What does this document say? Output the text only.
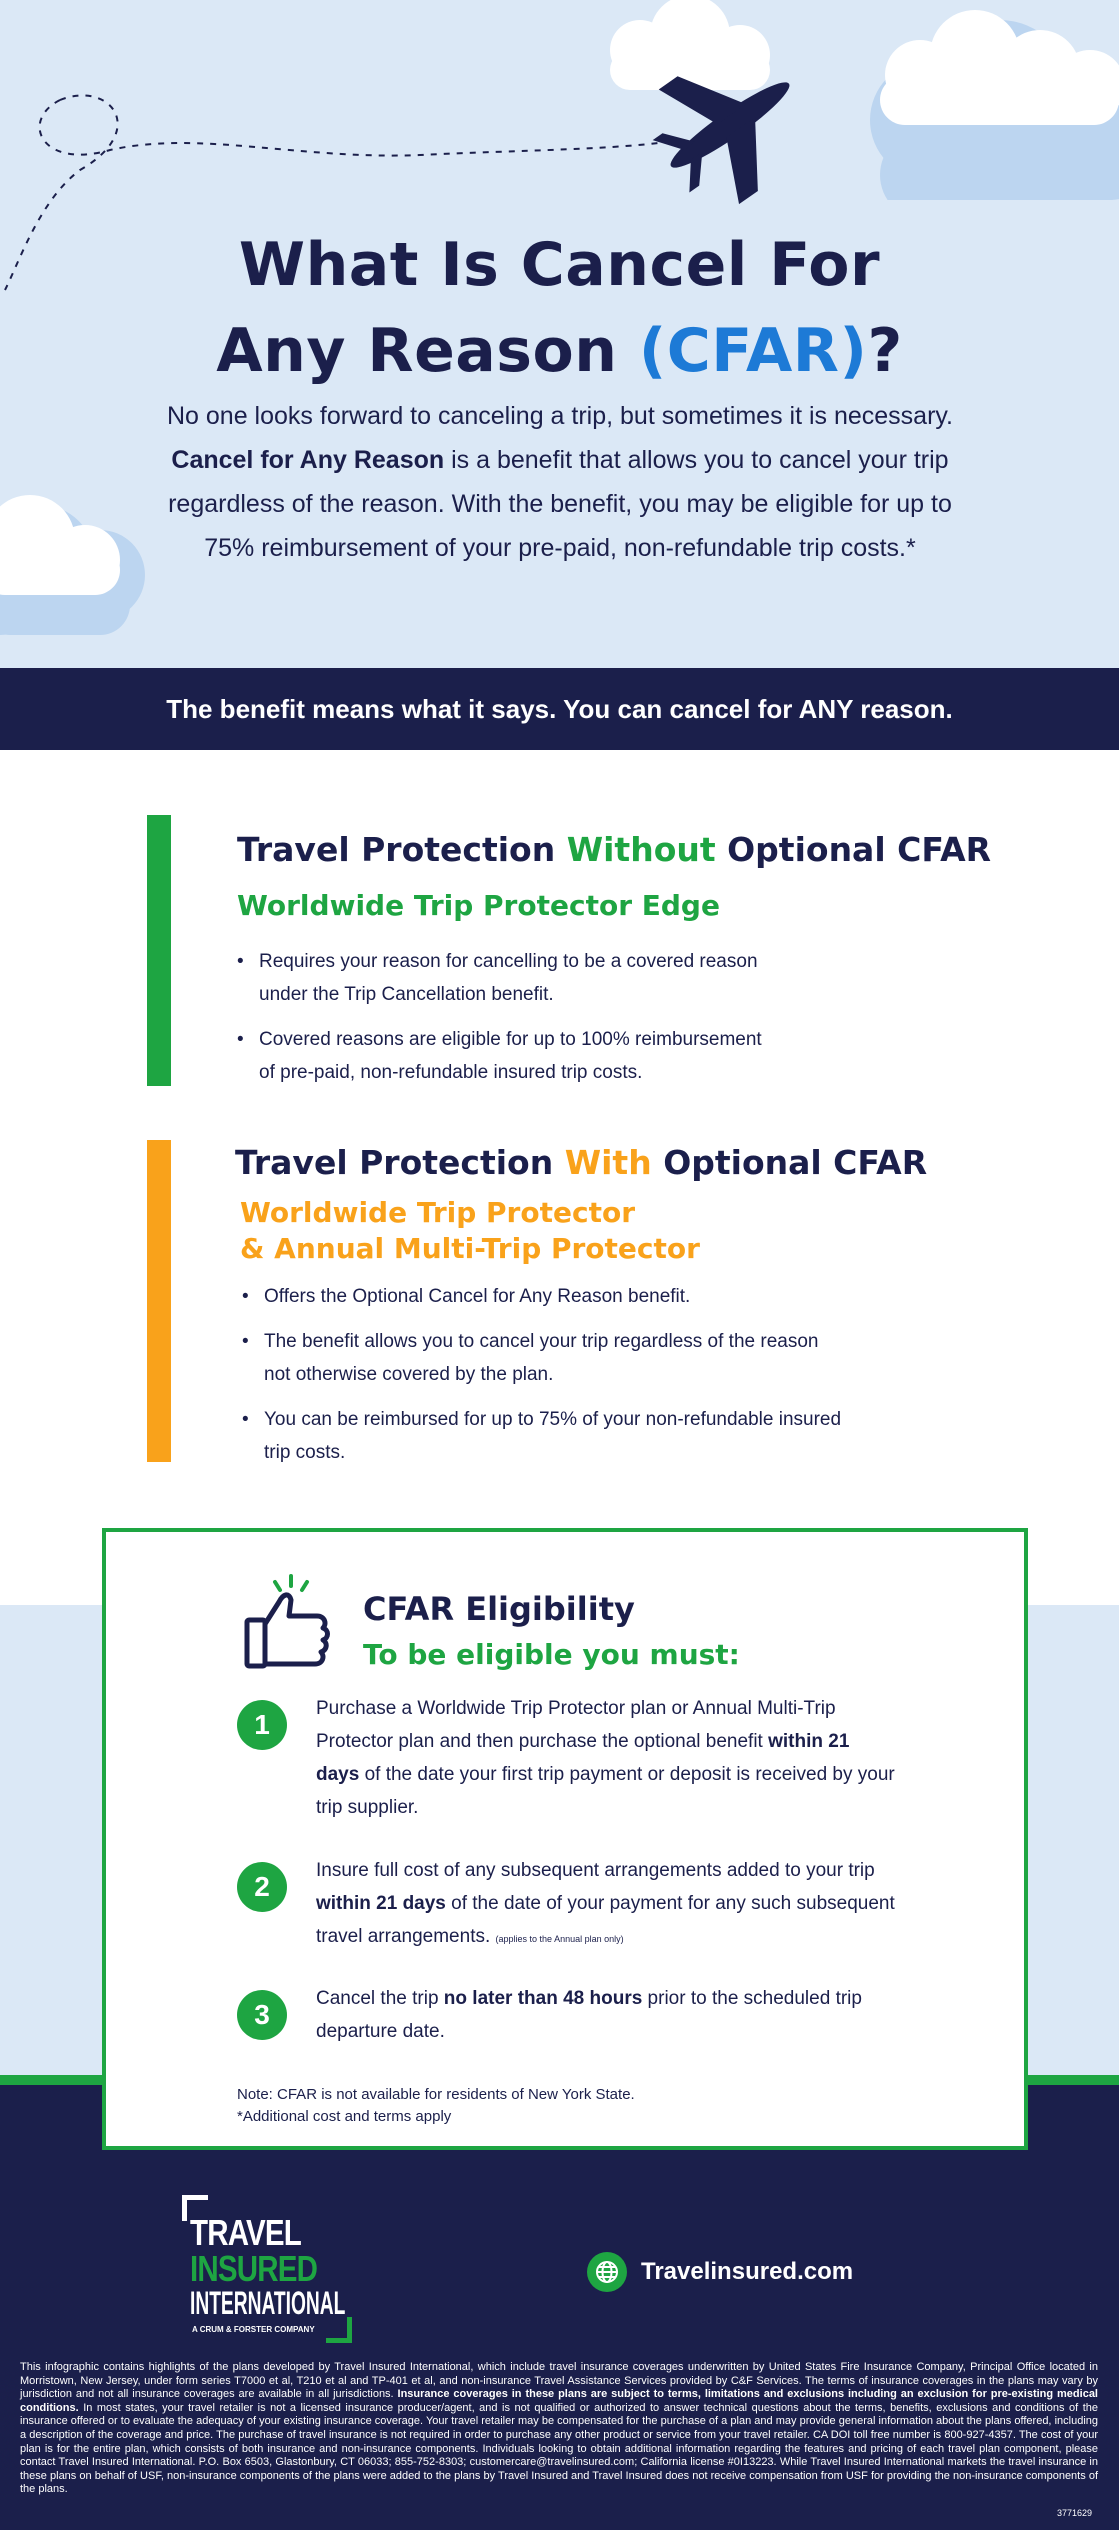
What Is Cancel For
Any Reason (CFAR)?

No one looks forward to canceling a trip, but sometimes it is necessary. Cancel for Any Reason is a benefit that allows you to cancel your trip regardless of the reason. With the benefit, you may be eligible for up to 75% reimbursement of your pre-paid, non-refundable trip costs.*

The benefit means what it says. You can cancel for ANY reason.
Travel Protection Without Optional CFAR
Worldwide Trip Protector Edge
• Requires your reason for cancelling to be a covered reason under the Trip Cancellation benefit.
• Covered reasons are eligible for up to 100% reimbursement of pre-paid, non-refundable insured trip costs.
Travel Protection With Optional CFAR
Worldwide Trip Protector
& Annual Multi-Trip Protector
• Offers the Optional Cancel for Any Reason benefit.
• The benefit allows you to cancel your trip regardless of the reason not otherwise covered by the plan.
• You can be reimbursed for up to 75% of your non-refundable insured trip costs.
CFAR Eligibility
To be eligible you must:
1

Purchase a Worldwide Trip Protector plan or Annual Multi-Trip Protector plan and then purchase the optional benefit within 21 days of the date your first trip payment or deposit is received by your trip supplier.

2

Insure full cost of any subsequent arrangements added to your trip within 21 days of the date of your payment for any such subsequent travel arrangements. (applies to the Annual plan only)

3

Cancel the trip no later than 48 hours prior to the scheduled trip departure date.

Note: CFAR is not available for residents of New York State.
*Additional cost and terms apply
TRAVEL
INSURED
INTERNATIONAL
A CRUM & FORSTER COMPANY
Travelinsured.com

This infographic contains highlights of the plans developed by Travel Insured International, which include travel insurance coverages underwritten by United States Fire Insurance Company, Principal Office located in Morristown, New Jersey, under form series T7000 et al, T210 et al and TP-401 et al, and non-insurance Travel Assistance Services provided by C&F Services. The terms of insurance coverages in the plans may vary by jurisdiction and not all insurance coverages are available in all jurisdictions. Insurance coverages in these plans are subject to terms, limitations and exclusions including an exclusion for pre-existing medical conditions. In most states, your travel retailer is not a licensed insurance producer/agent, and is not qualified or authorized to answer technical questions about the terms, benefits, exclusions and conditions of the insurance offered or to evaluate the adequacy of your existing insurance coverage. Your travel retailer may be compensated for the purchase of a plan and may provide general information about the plans offered, including a description of the coverage and price. The purchase of travel insurance is not required in order to purchase any other product or service from your travel retailer. CA DOI toll free number is 800-927-4357. The cost of your plan is for the entire plan, which consists of both insurance and non-insurance components. Individuals looking to obtain additional information regarding the features and pricing of each travel plan component, please contact Travel Insured International. P.O. Box 6503, Glastonbury, CT 06033; 855-752-8303; customercare@travelinsured.com; California license #0I13223. While Travel Insured International markets the travel insurance in these plans on behalf of USF, non-insurance components of the plans were added to the plans by Travel Insured and Travel Insured does not receive compensation from USF for providing the non-insurance components of the plans.

3771629
